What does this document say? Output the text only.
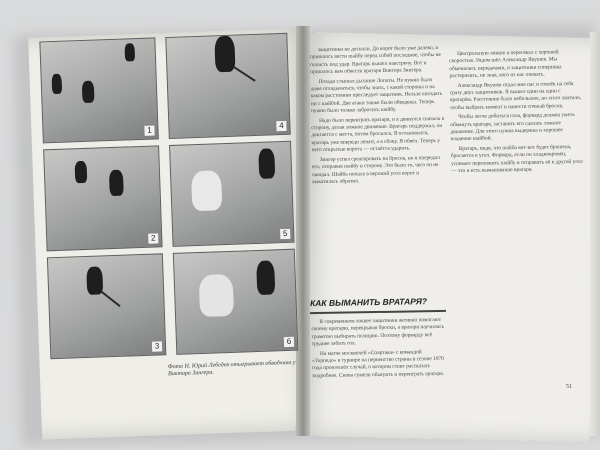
1
4
2
5
3
6
Фото Н. Юрий Лебедев отыгрывает обводчика у Виктора Зингера.

защитники не догнали. До ворот было уже далеко, и пришлось вести шайбу перед собой последние, чтобы не попасть под удар. Вратарь вышел навстречу. Вот и пришлось вам обвести вратаря Виктора Зингера.

Позади слышал дыхание Лопаты. Не нужно было даже оглядываться, чтобы знать, с какой стороны и на каком расстоянии преследует защитник. Нельзя опоздать ни с шайбой. Две атаки также были обведены. Теперь нужно было только забросить шайбу.

Надо было переиграть вратаря, и я двинулся сначала в сторону, делая ложное движение. Вратарь поддержал, он двигается с места, потом бросился. Я остановился, вратарь уже впереди лежит, а я сбоку. Я обвёл. Теперь у него открытые ворота — остаётся ударить.

Зингер успел среагировать на бросок, но я опередил его, отправив шайбу в сторону. Это было то, чего он не ожидал. Шайба попала в верхний угол ворот и выкатилась обратно.

Центральную линию я пересекал с хорошей скоростью. Рядом шёл Александр Якушев. Мы обменялись передачами, и защитники соперника растерялись, не зная, кого из нас опекать.

Александр Якушев отдал мне пас и отвлёк на себя сразу двух защитников. Я вышел один на один с вратарём. Расстояние было небольшое, но этого хватило, чтобы выбрать момент и нанести точный бросок.

Чтобы легче добиться гола, форвард должен уметь обмануть вратаря, заставить его сделать ложное движение. Для этого нужна выдержка и хорошее владение шайбой.

Вратарь, видя, что шайба вот-вот будет брошена, бросается в угол. Форвард, если он хладнокровен, успевает переложить шайбу и отправить её в другой угол — это и есть выманивание вратаря.

КАК ВЫМАНИТЬ ВРАТАРЯ?

В современном хоккее защитники активно помогают своему вратарю, перекрывая броски, а вратари научились грамотно выбирать позицию. Поэтому форварду всё труднее забить гол.

На матче москвичей «Спартака» с командой «Торпедо» в турнире на первенство страны в сезоне 1970 года произошёл случай, о котором стоит рассказать подробнее. Снова сумели обыграть и переиграть вратаря.

51
